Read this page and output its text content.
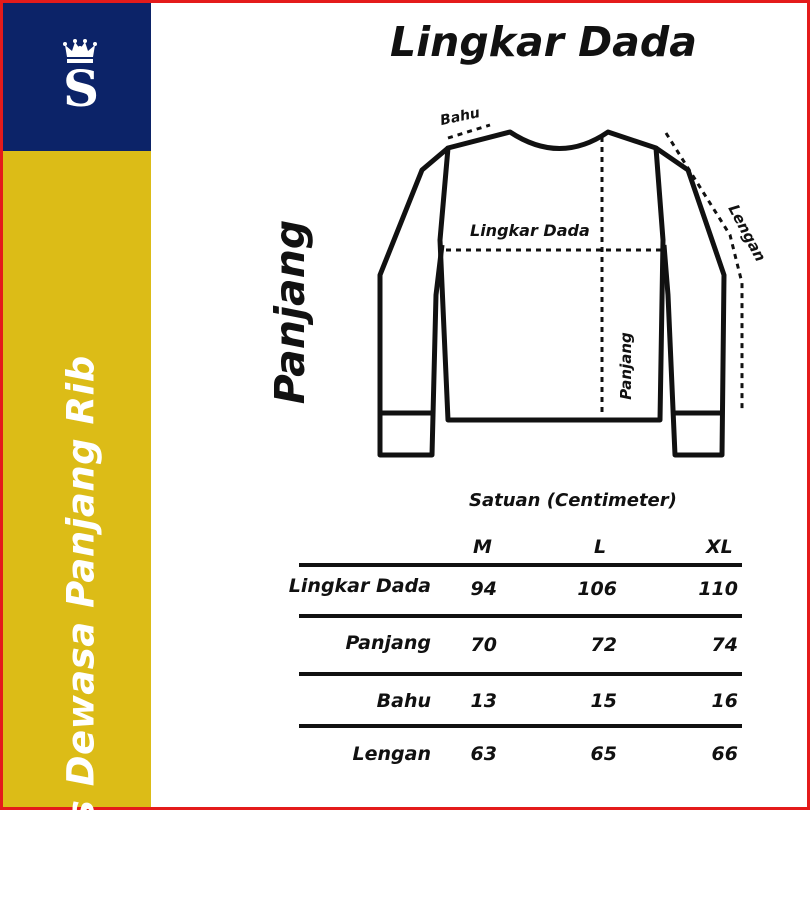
S
Kaos Dewasa Panjang Rib
Lingkar Dada
Panjang
Bahu
Lingkar Dada
Panjang
Lengan
Satuan (Centimeter)
M	L	XL
Lingkar Dada	94	106	110
Panjang	70	72	74
Bahu	13	15	16
Lengan	63	65	66
